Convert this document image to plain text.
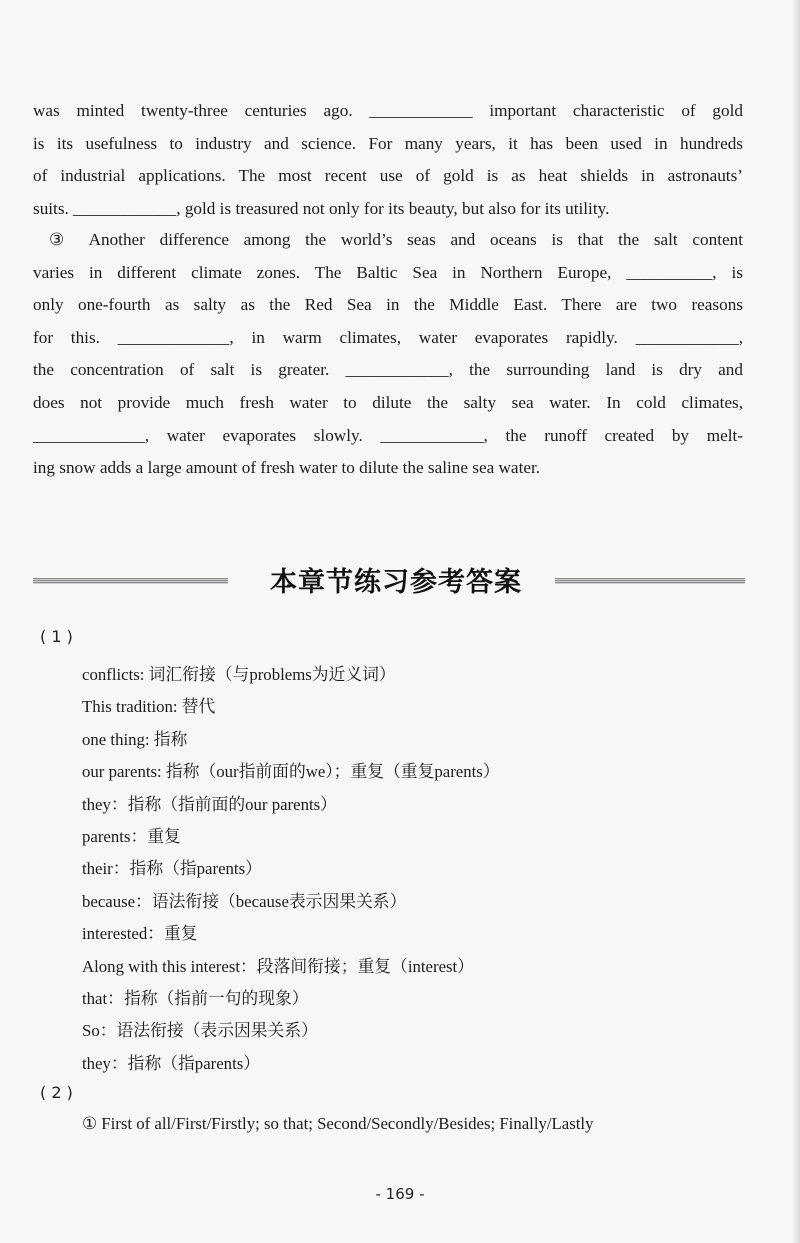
was minted twenty-three centuries ago. ____________ important characteristic of gold
is its usefulness to industry and science. For many years, it has been used in hundreds
of industrial applications. The most recent use of gold is as heat shields in astronauts’
suits. ____________, gold is treasured not only for its beauty, but also for its utility.
③ Another difference among the world’s seas and oceans is that the salt content
varies in different climate zones. The Baltic Sea in Northern Europe, __________, is
only one-fourth as salty as the Red Sea in the Middle East. There are two reasons
for this. _____________, in warm climates, water evaporates rapidly. ____________,
the concentration of salt is greater. ____________, the surrounding land is dry and
does not provide much fresh water to dilute the salty sea water. In cold climates,
_____________, water evaporates slowly. ____________, the runoff created by melt-
ing snow adds a large amount of fresh water to dilute the saline sea water.
本章节练习参考答案
( 1 )
conflicts: 词汇衔接（与problems为近义词）
This tradition: 替代
one thing: 指称
our parents: 指称（our指前面的we）；重复（重复parents）
they：指称（指前面的our parents）
parents：重复
their：指称（指parents）
because：语法衔接（because表示因果关系）
interested：重复
Along with this interest：段落间衔接；重复（interest）
that：指称（指前一句的现象）
So：语法衔接（表示因果关系）
they：指称（指parents）
( 2 )
① First of all/First/Firstly; so that; Second/Secondly/Besides; Finally/Lastly
- 169 -
